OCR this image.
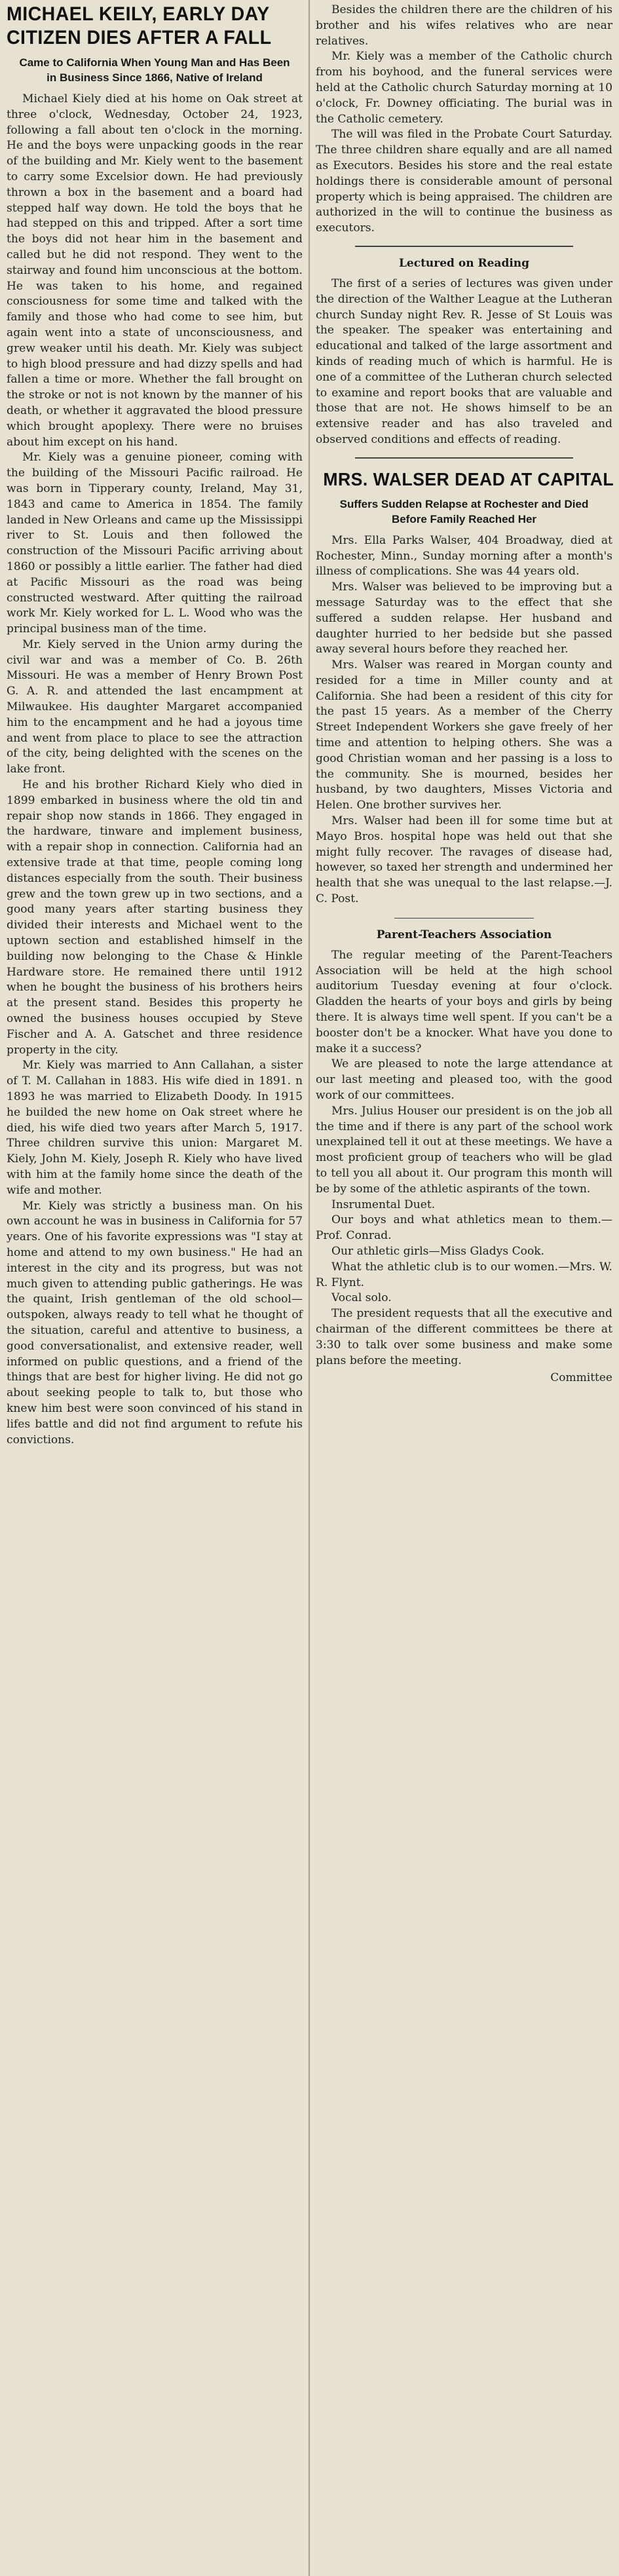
MICHAEL KEILY, EARLY DAY
CITIZEN DIES AFTER A FALL
Came to California When Young Man and Has Been in Business Since 1866, Native of Ireland

Michael Kiely died at his home on Oak street at three o'clock, Wednesday, October 24, 1923, following a fall about ten o'clock in the morning. He and the boys were unpacking goods in the rear of the building and Mr. Kiely went to the basement to carry some Excelsior down. He had previously thrown a box in the basement and a board had stepped half way down. He told the boys that he had stepped on this and tripped. After a sort time the boys did not hear him in the basement and called but he did not respond. They went to the stairway and found him unconscious at the bottom. He was taken to his home, and regained consciousness for some time and talked with the family and those who had come to see him, but again went into a state of unconsciousness, and grew weaker until his death. Mr. Kiely was subject to high blood pressure and had dizzy spells and had fallen a time or more. Whether the fall brought on the stroke or not is not known by the manner of his death, or whether it aggravated the blood pressure which brought apoplexy. There were no bruises about him except on his hand.

Mr. Kiely was a genuine pioneer, coming with the building of the Missouri Pacific railroad. He was born in Tipperary county, Ireland, May 31, 1843 and came to America in 1854. The family landed in New Orleans and came up the Mississippi river to St. Louis and then followed the construction of the Missouri Pacific arriving about 1860 or possibly a little earlier. The father had died at Pacific Missouri as the road was being constructed westward. After quitting the railroad work Mr. Kiely worked for L. L. Wood who was the principal business man of the time.

Mr. Kiely served in the Union army during the civil war and was a member of Co. B. 26th Missouri. He was a member of Henry Brown Post G. A. R. and attended the last encampment at Milwaukee. His daughter Margaret accompanied him to the encampment and he had a joyous time and went from place to place to see the attraction of the city, being delighted with the scenes on the lake front.

He and his brother Richard Kiely who died in 1899 embarked in business where the old tin and repair shop now stands in 1866. They engaged in the hardware, tinware and implement business, with a repair shop in connection. California had an extensive trade at that time, people coming long distances especially from the south. Their business grew and the town grew up in two sections, and a good many years after starting business they divided their interests and Michael went to the uptown section and established himself in the building now belonging to the Chase & Hinkle Hardware store. He remained there until 1912 when he bought the business of his brothers heirs at the present stand. Besides this property he owned the business houses occupied by Steve Fischer and A. A. Gatschet and three residence property in the city.

Mr. Kiely was married to Ann Callahan, a sister of T. M. Callahan in 1883. His wife died in 1891. n 1893 he was married to Elizabeth Doody. In 1915 he builded the new home on Oak street where he died, his wife died two years after March 5, 1917. Three children survive this union: Margaret M. Kiely, John M. Kiely, Joseph R. Kiely who have lived with him at the family home since the death of the wife and mother.

Mr. Kiely was strictly a business man. On his own account he was in business in California for 57 years. One of his favorite expressions was "I stay at home and attend to my own business." He had an interest in the city and its progress, but was not much given to attending public gatherings. He was the quaint, Irish gentleman of the old school—outspoken, always ready to tell what he thought of the situation, careful and attentive to business, a good conversationalist, and extensive reader, well informed on public questions, and a friend of the things that are best for higher living. He did not go about seeking people to talk to, but those who knew him best were soon convinced of his stand in lifes battle and did not find argument to refute his convictions.

Besides the children there are the children of his brother and his wifes relatives who are near relatives.

Mr. Kiely was a member of the Catholic church from his boyhood, and the funeral services were held at the Catholic church Saturday morning at 10 o'clock, Fr. Downey officiating. The burial was in the Catholic cemetery.

The will was filed in the Probate Court Saturday. The three children share equally and are all named as Executors. Besides his store and the real estate holdings there is considerable amount of personal property which is being appraised. The children are authorized in the will to continue the business as executors.

Lectured on Reading

The first of a series of lectures was given under the direction of the Walther League at the Lutheran church Sunday night Rev. R. Jesse of St Louis was the speaker. The speaker was entertaining and educational and talked of the large assortment and kinds of reading much of which is harmful. He is one of a committee of the Lutheran church selected to examine and report books that are valuable and those that are not. He shows himself to be an extensive reader and has also traveled and observed conditions and effects of reading.

MRS. WALSER DEAD AT CAPITAL
Suffers Sudden Relapse at Rochester and Died Before Family Reached Her

Mrs. Ella Parks Walser, 404 Broadway, died at Rochester, Minn., Sunday morning after a month's illness of complications. She was 44 years old.

Mrs. Walser was believed to be improving but a message Saturday was to the effect that she suffered a sudden relapse. Her husband and daughter hurried to her bedside but she passed away several hours before they reached her.

Mrs. Walser was reared in Morgan county and resided for a time in Miller county and at California. She had been a resident of this city for the past 15 years. As a member of the Cherry Street Independent Workers she gave freely of her time and attention to helping others. She was a good Christian woman and her passing is a loss to the community. She is mourned, besides her husband, by two daughters, Misses Victoria and Helen. One brother survives her.

Mrs. Walser had been ill for some time but at Mayo Bros. hospital hope was held out that she might fully recover. The ravages of disease had, however, so taxed her strength and undermined her health that she was unequal to the last relapse.—J. C. Post.

Parent-Teachers Association

The regular meeting of the Parent-Teachers Association will be held at the high school auditorium Tuesday evening at four o'clock. Gladden the hearts of your boys and girls by being there. It is always time well spent. If you can't be a booster don't be a knocker. What have you done to make it a success?

We are pleased to note the large attendance at our last meeting and pleased too, with the good work of our committees.

Mrs. Julius Houser our president is on the job all the time and if there is any part of the school work unexplained tell it out at these meetings. We have a most proficient group of teachers who will be glad to tell you all about it. Our program this month will be by some of the athletic aspirants of the town.

Insrumental Duet.

Our boys and what athletics mean to them.—Prof. Conrad.

Our athletic girls—Miss Gladys Cook.

What the athletic club is to our women.—Mrs. W. R. Flynt.

Vocal solo.

The president requests that all the executive and chairman of the different committees be there at 3:30 to talk over some business and make some plans before the meeting.

Committee
